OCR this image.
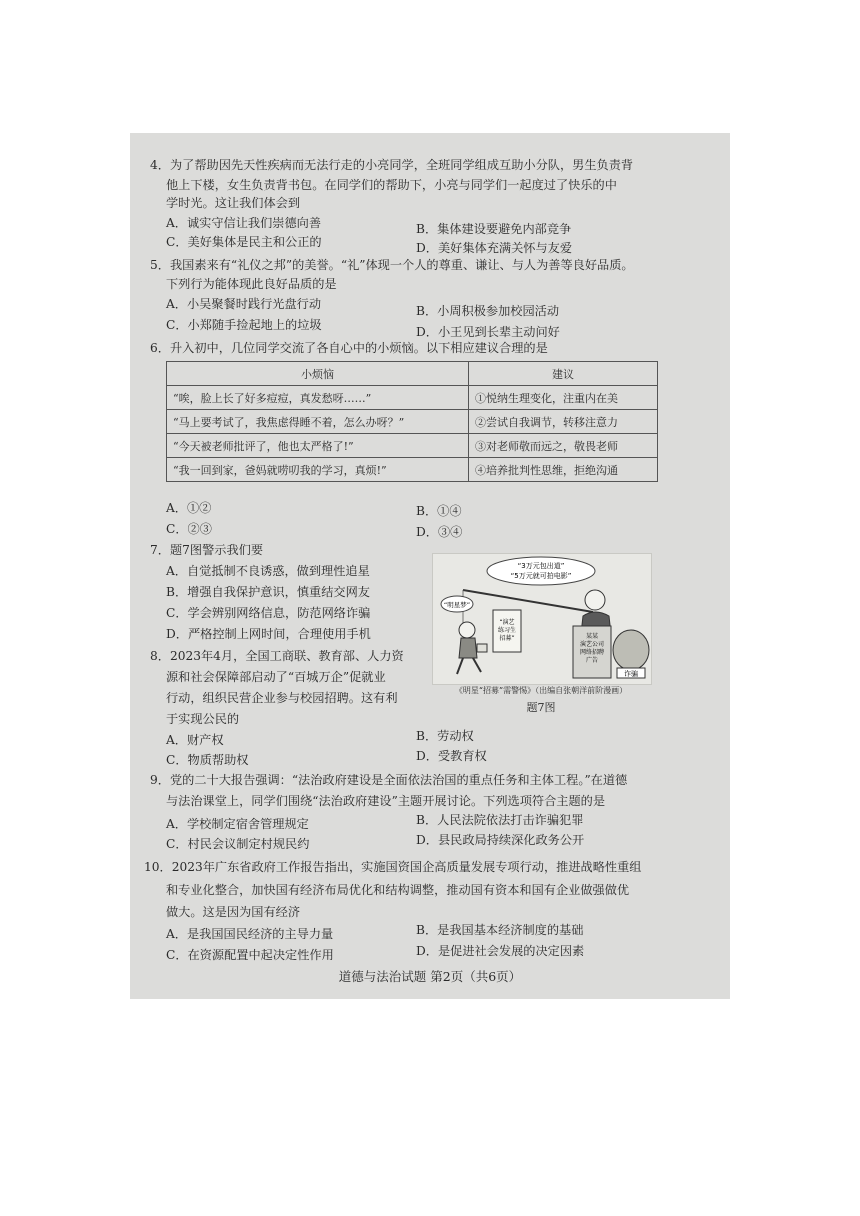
4．为了帮助因先天性疾病而无法行走的小亮同学，全班同学组成互助小分队，男生负责背
他上下楼，女生负责背书包。在同学们的帮助下，小亮与同学们一起度过了快乐的中
学时光。这让我们体会到
A．诚实守信让我们崇德向善	B．集体建设要避免内部竞争
C．美好集体是民主和公正的	D．美好集体充满关怀与友爱
5．我国素来有“礼仪之邦”的美誉。“礼”体现一个人的尊重、谦让、与人为善等良好品质。
下列行为能体现此良好品质的是
A．小吴聚餐时践行光盘行动	B．小周积极参加校园活动
C．小郑随手捡起地上的垃圾	D．小王见到长辈主动问好
6．升入初中，几位同学交流了各自心中的小烦恼。以下相应建议合理的是
小烦恼	建议
“唉，脸上长了好多痘痘，真发愁呀……”	①悦纳生理变化，注重内在美
“马上要考试了，我焦虑得睡不着，怎么办呀？”	②尝试自我调节，转移注意力
“今天被老师批评了，他也太严格了!”	③对老师敬而远之，敬畏老师
“我一回到家，爸妈就唠叨我的学习，真烦!”	④培养批判性思维，拒绝沟通
A．①②	B．①④
C．②③	D．③④
7．题7图警示我们要
A．自觉抵制不良诱惑，做到理性追星
B．增强自我保护意识，慎重结交网友
C．学会辨别网络信息，防范网络诈骗
D．严格控制上网时间，合理使用手机
“3万元包出道”
“5万元就可拍电影”
某某
演艺公司
网络招聘
广告
诈骗
“演艺
练习生
招募”
“明星梦”
《明星“招募”需警惕》（出编自张朝洋前阶漫画）
题7图
8．2023年4月，全国工商联、教育部、人力资
源和社会保障部启动了“百城万企”促就业
行动，组织民营企业参与校园招聘。这有利
于实现公民的
A．财产权	B．劳动权
C．物质帮助权	D．受教育权
9．党的二十大报告强调：“法治政府建设是全面依法治国的重点任务和主体工程。”在道德
与法治课堂上，同学们围绕“法治政府建设”主题开展讨论。下列选项符合主题的是
A．学校制定宿舍管理规定	B．人民法院依法打击诈骗犯罪
C．村民会议制定村规民约	D．县民政局持续深化政务公开
10．2023年广东省政府工作报告指出，实施国资国企高质量发展专项行动，推进战略性重组
和专业化整合，加快国有经济布局优化和结构调整，推动国有资本和国有企业做强做优
做大。这是因为国有经济
A．是我国国民经济的主导力量	B．是我国基本经济制度的基础
C．在资源配置中起决定性作用	D．是促进社会发展的决定因素
道德与法治试题 第2页（共6页）
